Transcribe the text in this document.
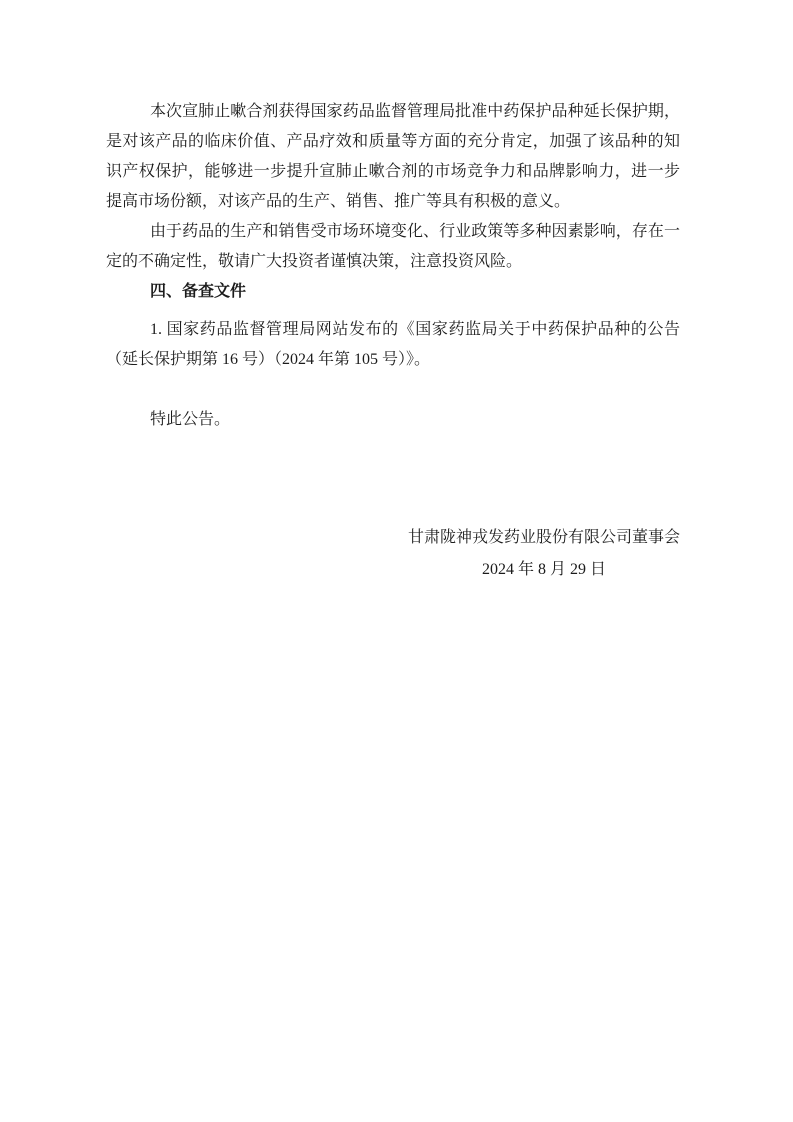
本次宣肺止嗽合剂获得国家药品监督管理局批准中药保护品种延长保护期，是对该产品的临床价值、产品疗效和质量等方面的充分肯定，加强了该品种的知识产权保护，能够进一步提升宣肺止嗽合剂的市场竞争力和品牌影响力，进一步提高市场份额，对该产品的生产、销售、推广等具有积极的意义。

由于药品的生产和销售受市场环境变化、行业政策等多种因素影响，存在一定的不确定性，敬请广大投资者谨慎决策，注意投资风险。

四、备查文件

1. 国家药品监督管理局网站发布的《国家药监局关于中药保护品种的公告（延长保护期第 16 号）（2024 年第 105 号）》。

特此公告。

甘肃陇神戎发药业股份有限公司董事会

2024 年 8 月 29 日
